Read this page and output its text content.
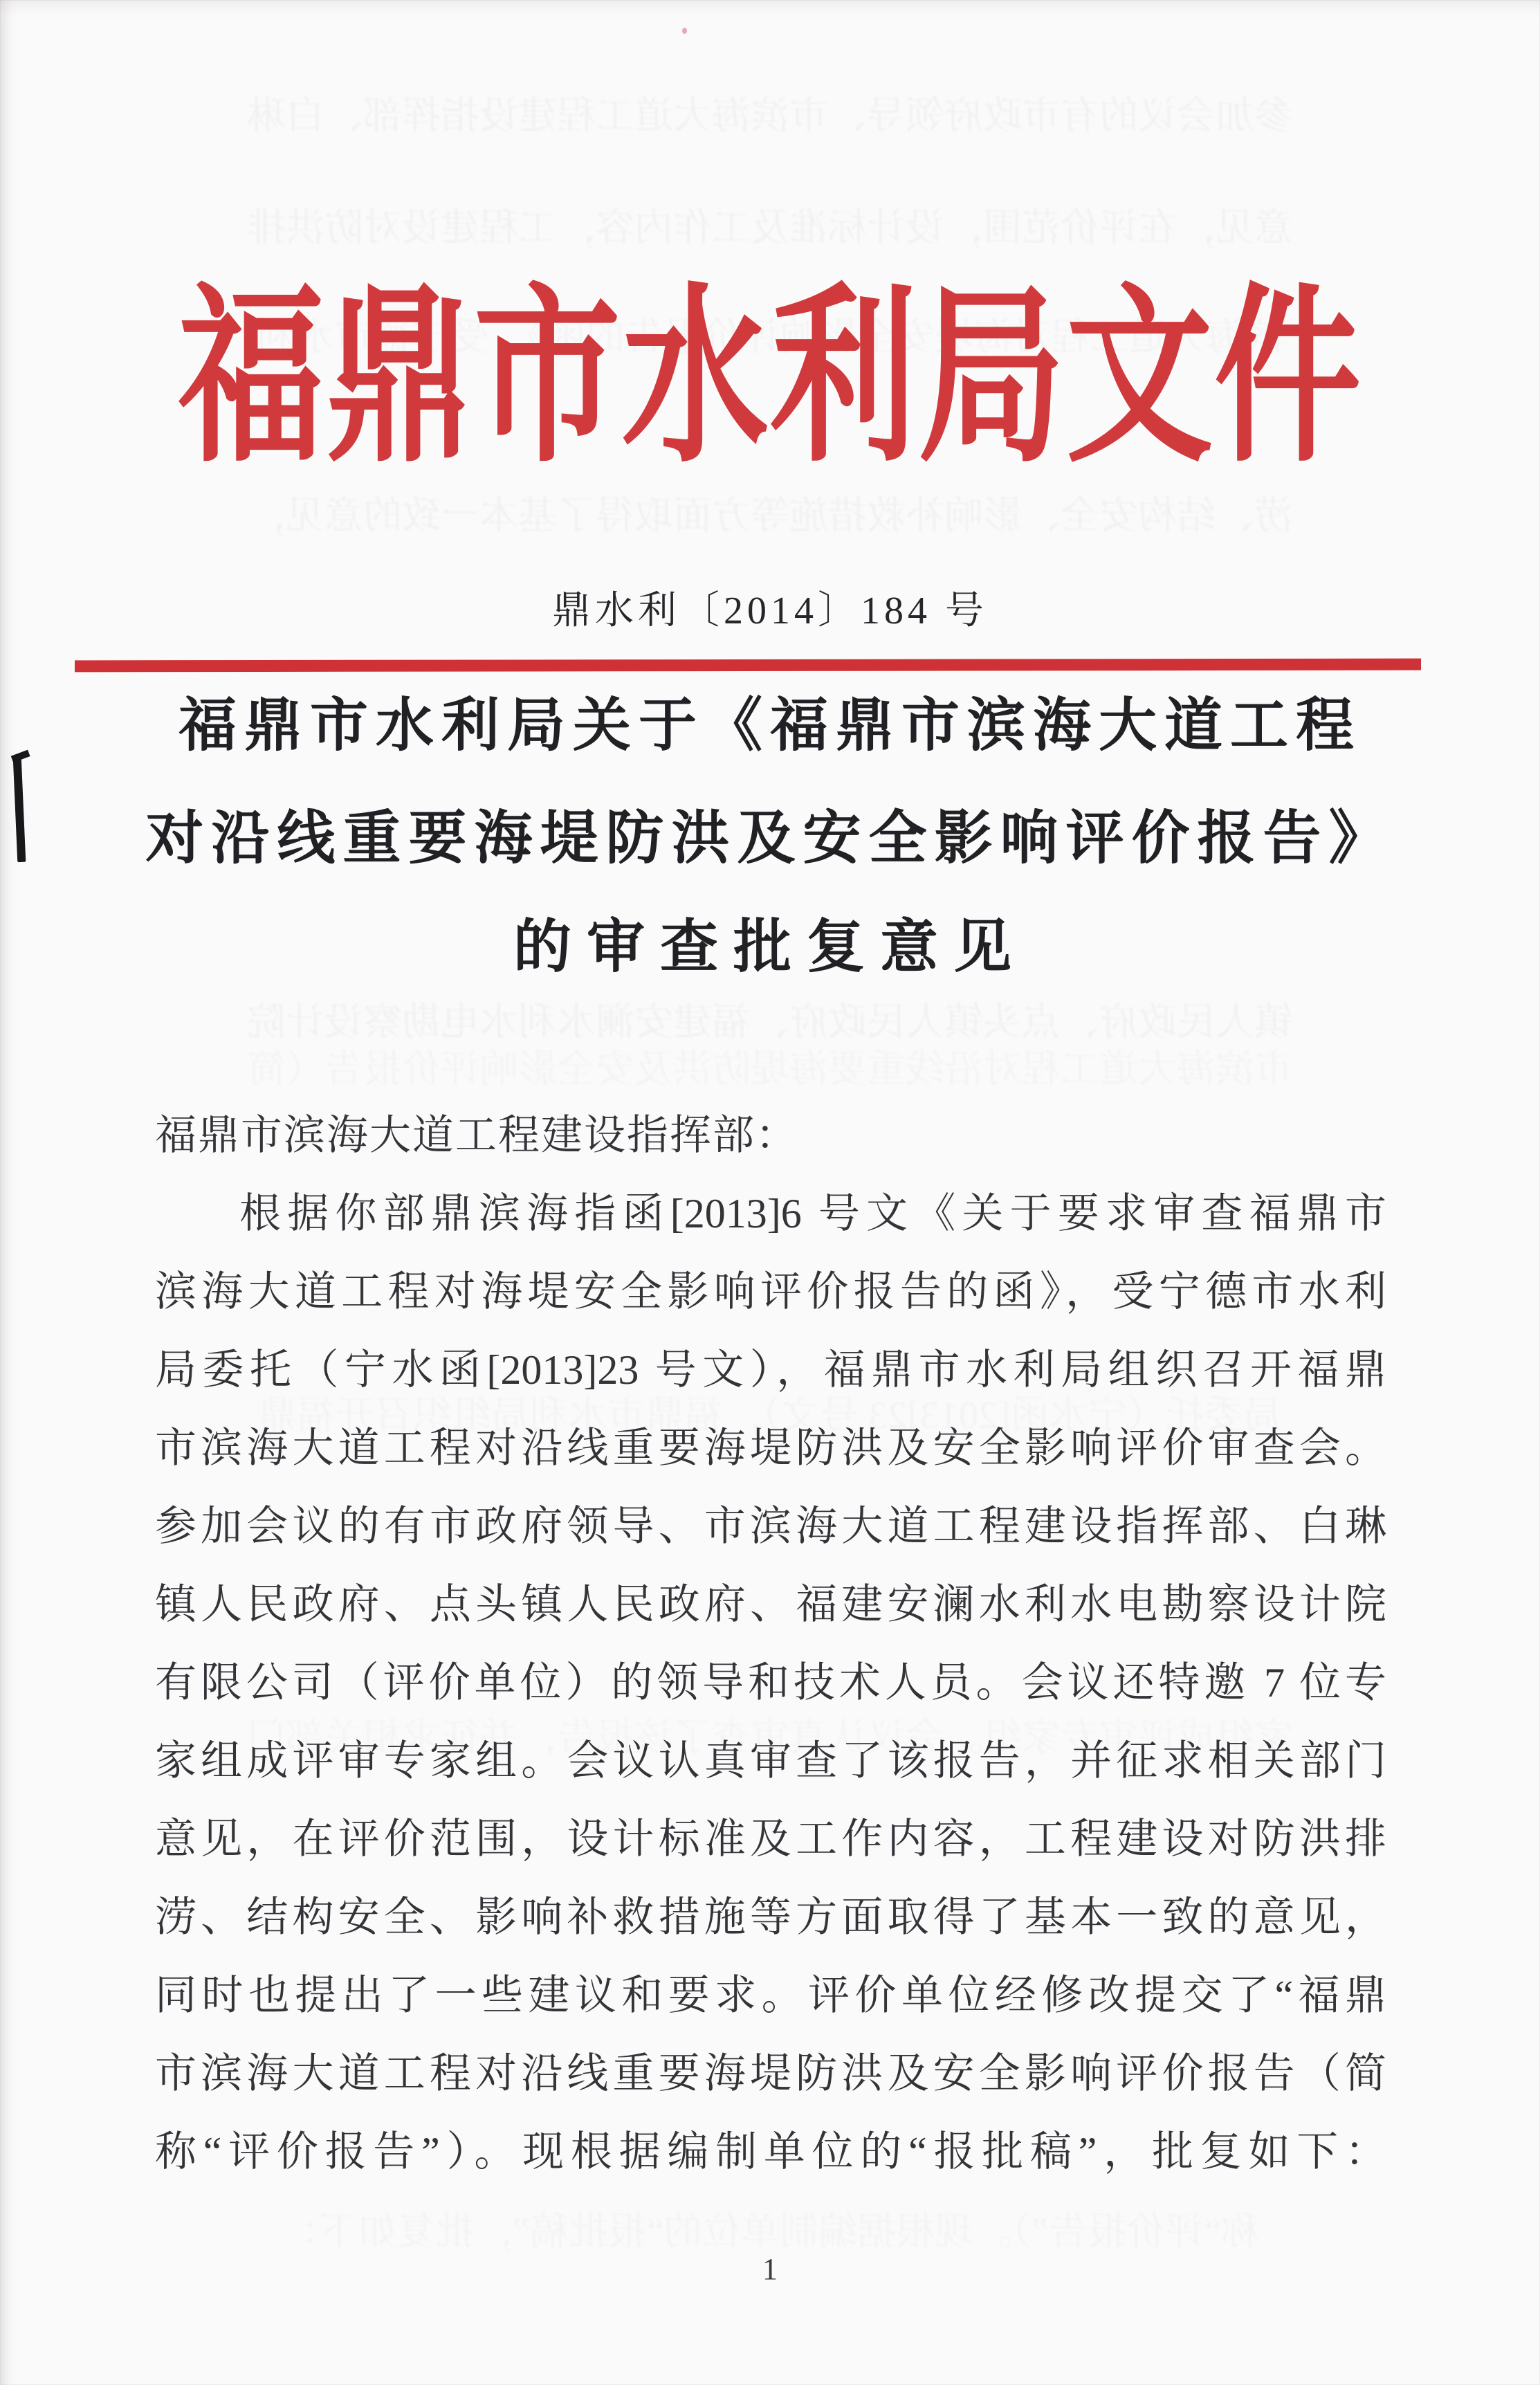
参加会议的有市政府领导、市滨海大道工程建设指挥部、白琳
意见，在评价范围，设计标准及工作内容，工程建设对防洪排
涝、结构安全、影响补救措施等方面取得了基本一致的意见，
镇人民政府、点头镇人民政府、福建安澜水利水电勘察设计院
福鼎市水利局文件
鼎水利〔2014〕184 号
福鼎市水利局关于《福鼎市滨海大道工程
对沿线重要海堤防洪及安全影响评价报告》
的审查批复意见
福鼎市滨海大道工程建设指挥部：
根据你部鼎滨海指函[2013]6 号文《关于要求审查福鼎市
滨海大道工程对海堤安全影响评价报告的函》，受宁德市水利
局委托（宁水函[2013]23 号文），福鼎市水利局组织召开福鼎
市滨海大道工程对沿线重要海堤防洪及安全影响评价审查会。
参加会议的有市政府领导、市滨海大道工程建设指挥部、白琳
镇人民政府、点头镇人民政府、福建安澜水利水电勘察设计院
有限公司（评价单位）的领导和技术人员。会议还特邀 7 位专
家组成评审专家组。会议认真审查了该报告，并征求相关部门
意见，在评价范围，设计标准及工作内容，工程建设对防洪排
涝、结构安全、影响补救措施等方面取得了基本一致的意见，
同时也提出了一些建议和要求。评价单位经修改提交了“福鼎
市滨海大道工程对沿线重要海堤防洪及安全影响评价报告（简
称“评价报告”）。现根据编制单位的“报批稿”，批复如下：
1
